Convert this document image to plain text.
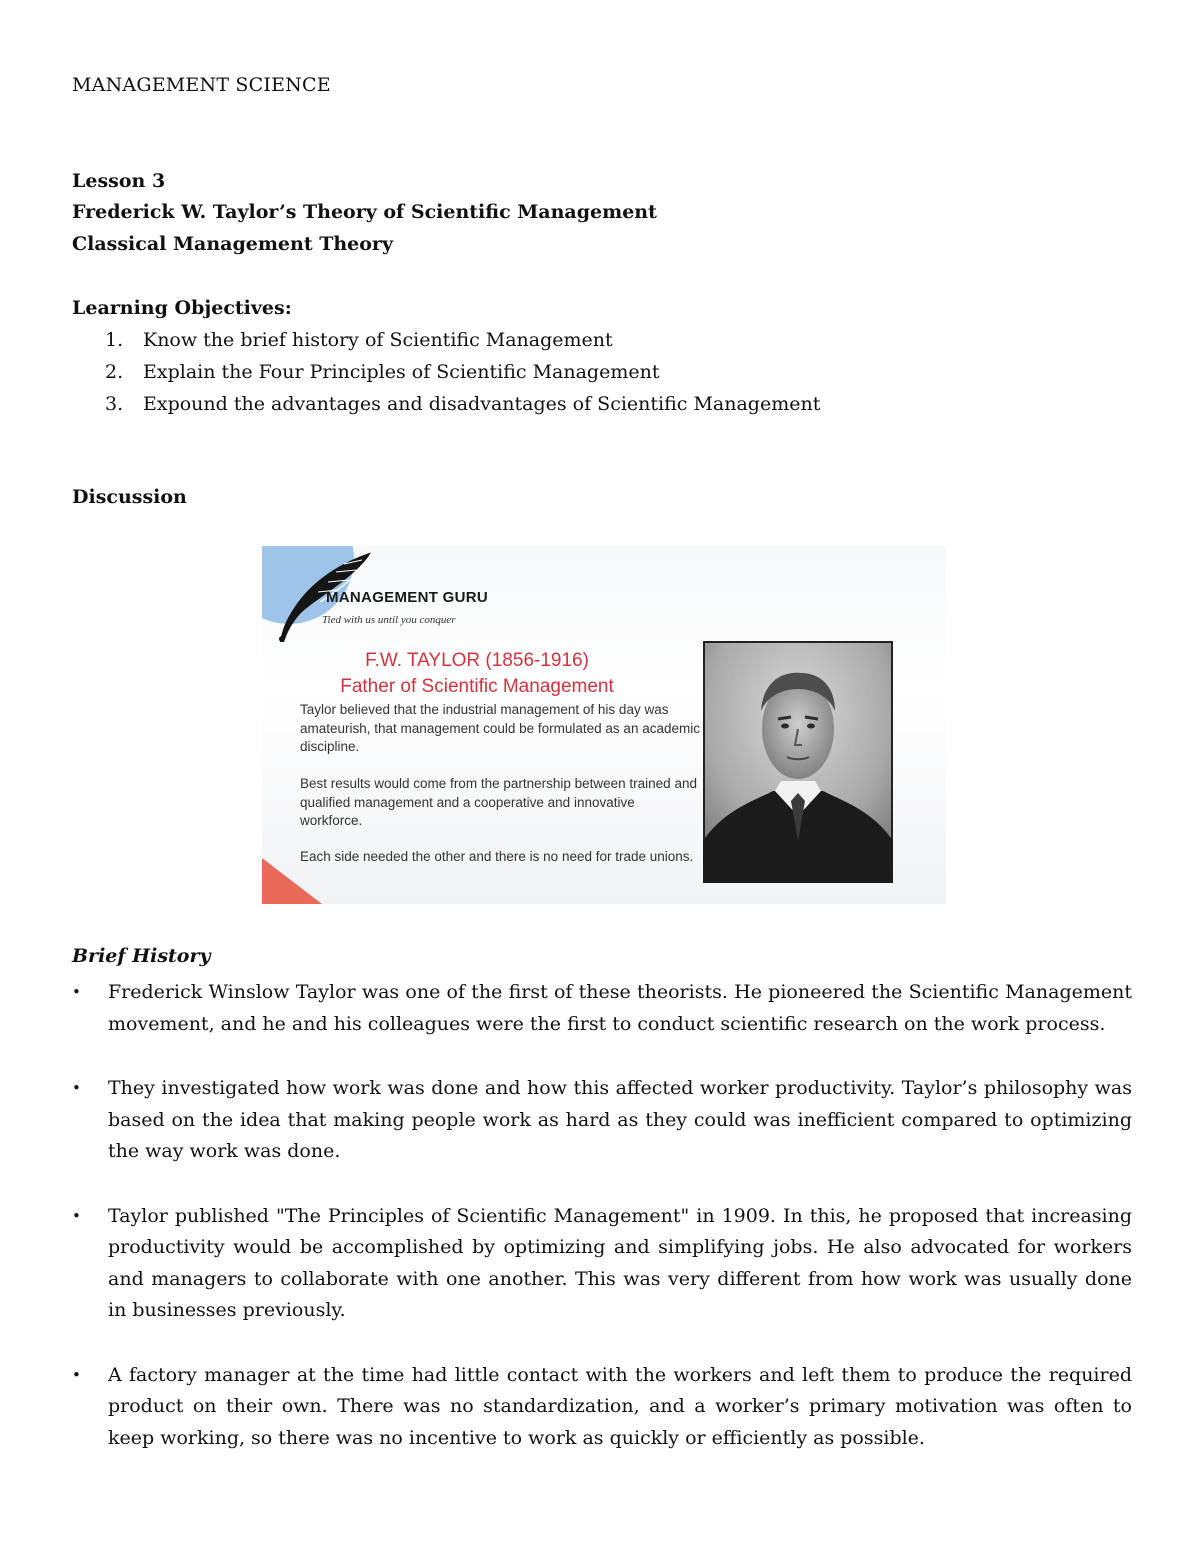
MANAGEMENT SCIENCE

Lesson 3

Frederick W. Taylor’s Theory of Scientific Management

Classical Management Theory

Learning Objectives:

1.	Know the brief history of Scientific Management
2.	Explain the Four Principles of Scientific Management
3.	Expound the advantages and disadvantages of Scientific Management

Discussion

MANAGEMENT GURU
Tied with us until you conquer
F.W. TAYLOR (1856-1916)
Father of Scientific Management
Taylor believed that the industrial management of his day was amateurish, that management could be formulated as an academic discipline.
Best results would come from the partnership between trained and qualified management and a cooperative and innovative workforce.
Each side needed the other and there is no need for trade unions.

Brief History

• Frederick Winslow Taylor was one of the first of these theorists. He pioneered the Scientific Management movement, and he and his colleagues were the first to conduct scientific research on the work process.
• They investigated how work was done and how this affected worker productivity. Taylor’s philosophy was based on the idea that making people work as hard as they could was inefficient compared to optimizing the way work was done.
• Taylor published "The Principles of Scientific Management" in 1909. In this, he proposed that increasing productivity would be accomplished by optimizing and simplifying jobs. He also advocated for workers and managers to collaborate with one another. This was very different from how work was usually done in businesses previously.
• A factory manager at the time had little contact with the workers and left them to produce the required product on their own. There was no standardization, and a worker’s primary motivation was often to keep working, so there was no incentive to work as quickly or efficiently as possible.
